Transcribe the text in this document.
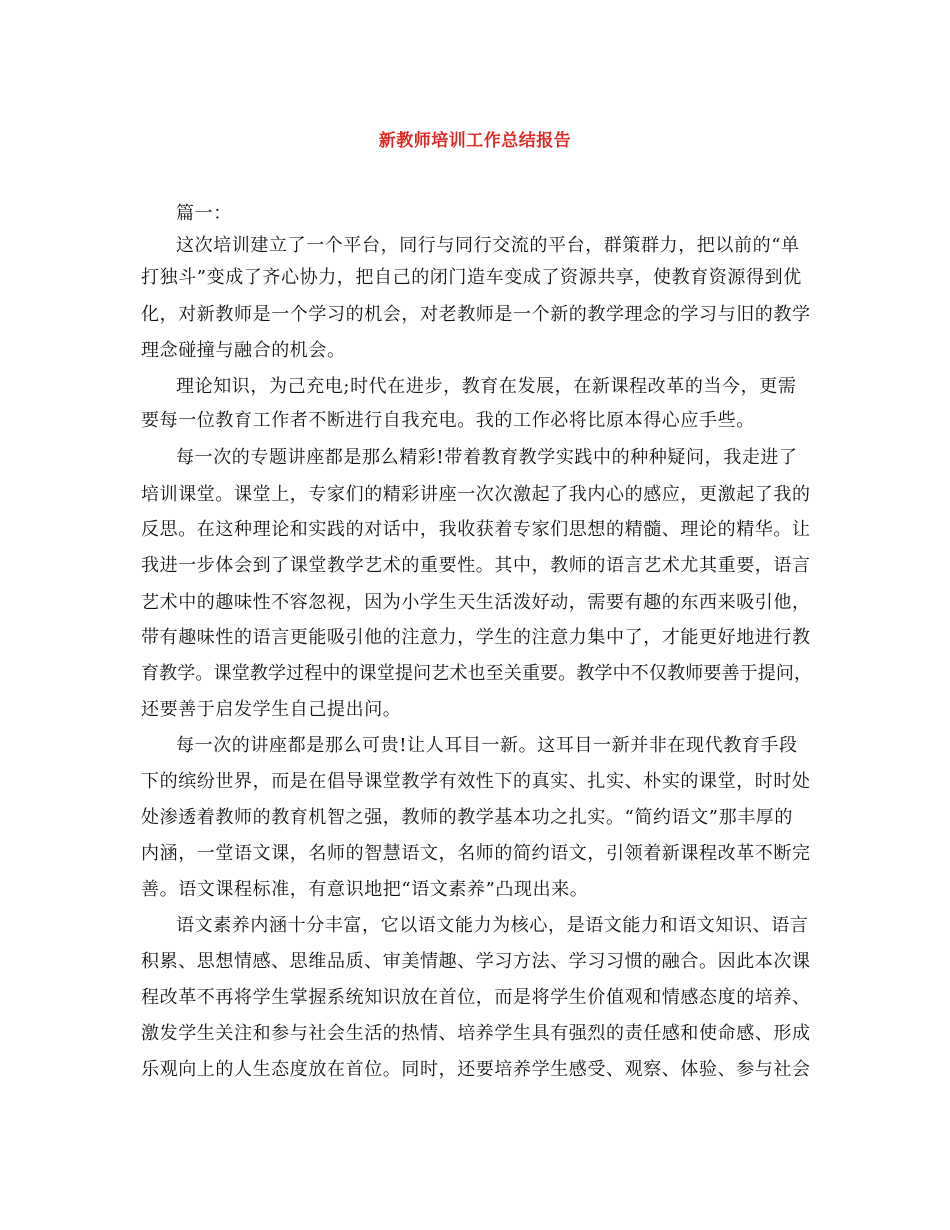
新教师培训工作总结报告
篇一：
这次培训建立了一个平台，同行与同行交流的平台，群策群力，把以前的“单
打独斗”变成了齐心协力，把自己的闭门造车变成了资源共享，使教育资源得到优
化，对新教师是一个学习的机会，对老教师是一个新的教学理念的学习与旧的教学
理念碰撞与融合的机会。
理论知识，为己充电;时代在进步，教育在发展，在新课程改革的当今，更需
要每一位教育工作者不断进行自我充电。我的工作必将比原本得心应手些。
每一次的专题讲座都是那么精彩!带着教育教学实践中的种种疑问，我走进了
培训课堂。课堂上，专家们的精彩讲座一次次激起了我内心的感应，更激起了我的
反思。在这种理论和实践的对话中，我收获着专家们思想的精髓、理论的精华。让
我进一步体会到了课堂教学艺术的重要性。其中，教师的语言艺术尤其重要，语言
艺术中的趣味性不容忽视，因为小学生天生活泼好动，需要有趣的东西来吸引他，
带有趣味性的语言更能吸引他的注意力，学生的注意力集中了，才能更好地进行教
育教学。课堂教学过程中的课堂提问艺术也至关重要。教学中不仅教师要善于提问，
还要善于启发学生自己提出问。
每一次的讲座都是那么可贵!让人耳目一新。这耳目一新并非在现代教育手段
下的缤纷世界，而是在倡导课堂教学有效性下的真实、扎实、朴实的课堂，时时处
处渗透着教师的教育机智之强，教师的教学基本功之扎实。“简约语文”那丰厚的
内涵，一堂语文课，名师的智慧语文，名师的简约语文，引领着新课程改革不断完
善。语文课程标准，有意识地把“语文素养”凸现出来。
语文素养内涵十分丰富，它以语文能力为核心，是语文能力和语文知识、语言
积累、思想情感、思维品质、审美情趣、学习方法、学习习惯的融合。因此本次课
程改革不再将学生掌握系统知识放在首位，而是将学生价值观和情感态度的培养、
激发学生关注和参与社会生活的热情、培养学生具有强烈的责任感和使命感、形成
乐观向上的人生态度放在首位。同时，还要培养学生感受、观察、体验、参与社会
